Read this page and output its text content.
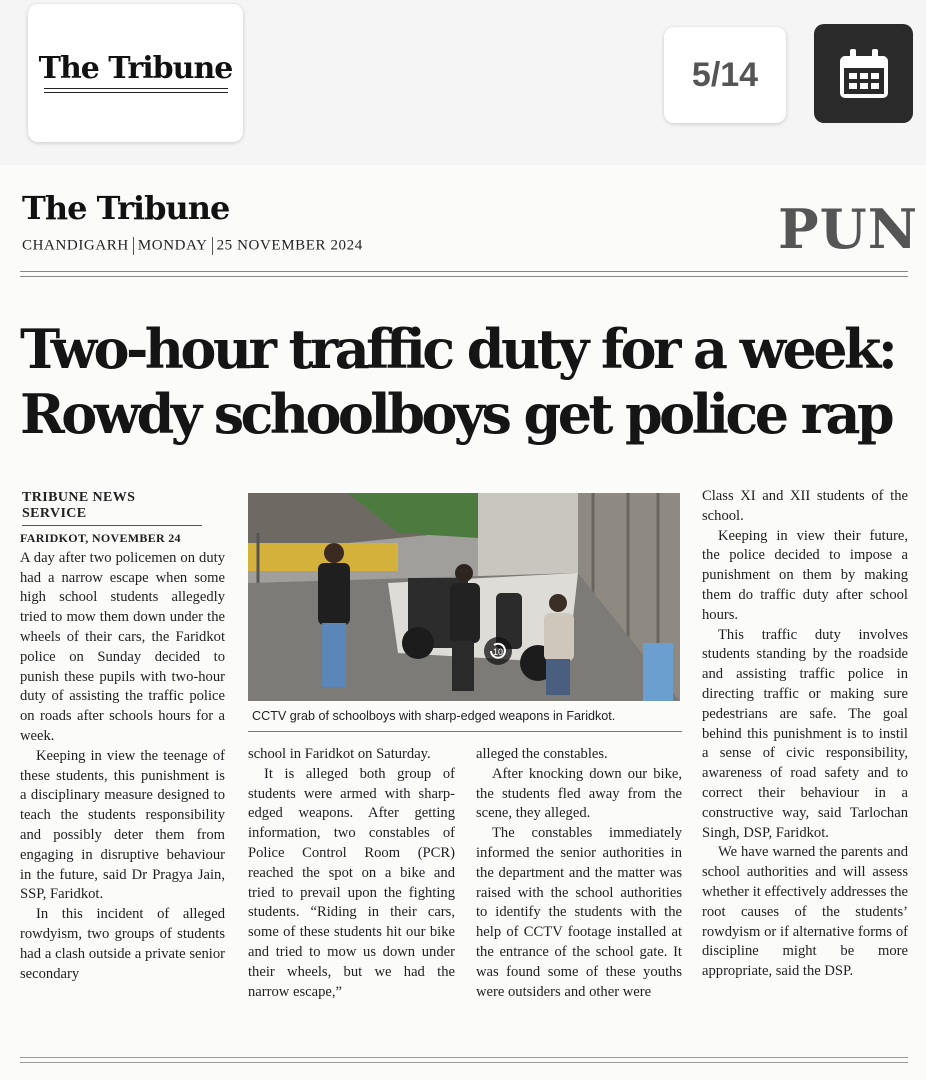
The Tribune	5/14
The Tribune
CHANDIGARH MONDAY 25 NOVEMBER 2024	PUN
Two-hour traffic duty for a week:
Rowdy schoolboys get police rap
TRIBUNE NEWS SERVICE
10
CCTV grab of schoolboys with sharp-edged weapons in Faridkot.

FARIDKOT, NOVEMBER 24

A day after two policemen on duty had a narrow escape when some high school students allegedly tried to mow them down under the wheels of their cars, the Faridkot police on Sunday decided to punish these pupils with two-hour duty of assisting the traffic police on roads after schools hours for a week.

Keeping in view the teenage of these students, this punishment is a disciplinary measure designed to teach the students responsibility and possibly deter them from engaging in disruptive behaviour in the future, said Dr Pragya Jain, SSP, Faridkot.

In this incident of alleged rowdyism, two groups of students had a clash outside a private senior secondary

school in Faridkot on Saturday.

It is alleged both group of students were armed with sharp-edged weapons. After getting information, two constables of Police Control Room (PCR) reached the spot on a bike and tried to prevail upon the fighting students. “Riding in their cars, some of these students hit our bike and tried to mow us down under their wheels, but we had the narrow escape,”

alleged the constables.

After knocking down our bike, the students fled away from the scene, they alleged.

The constables immediately informed the senior authorities in the department and the matter was raised with the school authorities to identify the students with the help of CCTV footage installed at the entrance of the school gate. It was found some of these youths were outsiders and other were

Class XI and XII students of the school.

Keeping in view their future, the police decided to impose a punishment on them by making them do traffic duty after school hours.

This traffic duty involves students standing by the roadside and assisting traffic police in directing traffic or making sure pedestrians are safe. The goal behind this punishment is to instil a sense of civic responsibility, awareness of road safety and to correct their behaviour in a constructive way, said Tarlochan Singh, DSP, Faridkot.

We have warned the parents and school authorities and will assess whether it effectively addresses the root causes of the students’ rowdyism or if alternative forms of discipline might be more appropriate, said the DSP.
